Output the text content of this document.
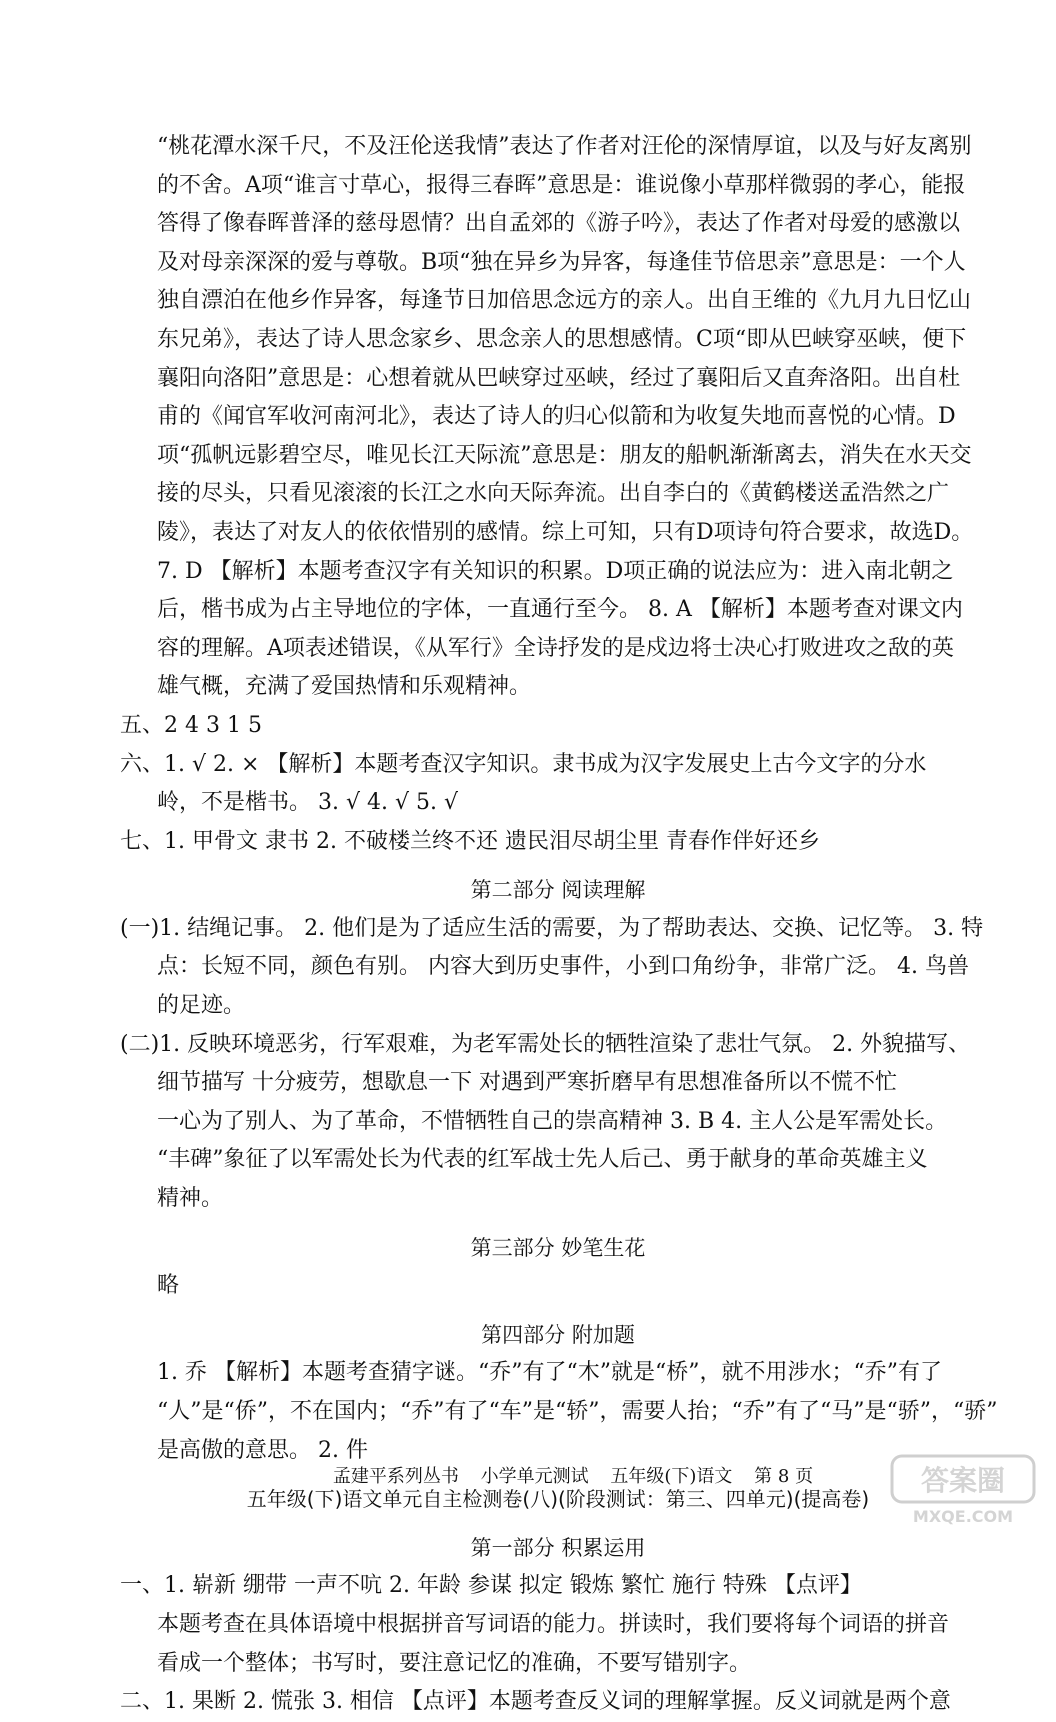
“桃花潭水深千尺，不及汪伦送我情”表达了作者对汪伦的深情厚谊，以及与好友离别
的不舍。A项“谁言寸草心，报得三春晖”意思是：谁说像小草那样微弱的孝心，能报
答得了像春晖普泽的慈母恩情？出自孟郊的《游子吟》，表达了作者对母爱的感激以
及对母亲深深的爱与尊敬。B项“独在异乡为异客，每逢佳节倍思亲”意思是：一个人
独自漂泊在他乡作异客，每逢节日加倍思念远方的亲人。出自王维的《九月九日忆山
东兄弟》，表达了诗人思念家乡、思念亲人的思想感情。C项“即从巴峡穿巫峡，便下
襄阳向洛阳”意思是：心想着就从巴峡穿过巫峡，经过了襄阳后又直奔洛阳。出自杜
甫的《闻官军收河南河北》，表达了诗人的归心似箭和为收复失地而喜悦的心情。D
项“孤帆远影碧空尽，唯见长江天际流”意思是：朋友的船帆渐渐离去，消失在水天交
接的尽头，只看见滚滚的长江之水向天际奔流。出自李白的《黄鹤楼送孟浩然之广
陵》，表达了对友人的依依惜别的感情。综上可知，只有D项诗句符合要求，故选D。
7. D 【解析】本题考查汉字有关知识的积累。D项正确的说法应为：进入南北朝之
后，楷书成为占主导地位的字体，一直通行至今。 8. A 【解析】本题考查对课文内
容的理解。A项表述错误，《从军行》全诗抒发的是戍边将士决心打败进攻之敌的英
雄气概，充满了爱国热情和乐观精神。
五、2 4 3 1 5
六、1. √ 2. × 【解析】本题考查汉字知识。隶书成为汉字发展史上古今文字的分水
岭，不是楷书。 3. √ 4. √ 5. √
七、1. 甲骨文 隶书 2. 不破楼兰终不还 遗民泪尽胡尘里 青春作伴好还乡
第二部分 阅读理解
(一)1. 结绳记事。 2. 他们是为了适应生活的需要，为了帮助表达、交换、记忆等。 3. 特
点：长短不同，颜色有别。 内容大到历史事件，小到口角纷争，非常广泛。 4. 鸟兽
的足迹。
(二)1. 反映环境恶劣，行军艰难，为老军需处长的牺牲渲染了悲壮气氛。 2. 外貌描写、
细节描写 十分疲劳，想歇息一下 对遇到严寒折磨早有思想准备所以不慌不忙
一心为了别人、为了革命，不惜牺牲自己的崇高精神 3. B 4. 主人公是军需处长。
“丰碑”象征了以军需处长为代表的红军战士先人后己、勇于献身的革命英雄主义
精神。
第三部分 妙笔生花
略
第四部分 附加题
1. 乔 【解析】本题考查猜字谜。“乔”有了“木”就是“桥”，就不用涉水；“乔”有了
“人”是“侨”，不在国内；“乔”有了“车”是“轿”，需要人抬；“乔”有了“马”是“骄”，“骄”
是高傲的意思。 2. 件
五年级(下)语文单元自主检测卷(八)(阶段测试：第三、四单元)(提高卷)
第一部分 积累运用
一、1. 崭新 绷带 一声不吭 2. 年龄 参谋 拟定 锻炼 繁忙 施行 特殊 【点评】
本题考查在具体语境中根据拼音写词语的能力。拼读时，我们要将每个词语的拼音
看成一个整体；书写时，要注意记忆的准确，不要写错别字。
二、1. 果断 2. 慌张 3. 相信 【点评】本题考查反义词的理解掌握。反义词就是两个意
孟建平系列丛书 小学单元测试 五年级(下)语文 第 8 页	答案圈
MXQE.COM
